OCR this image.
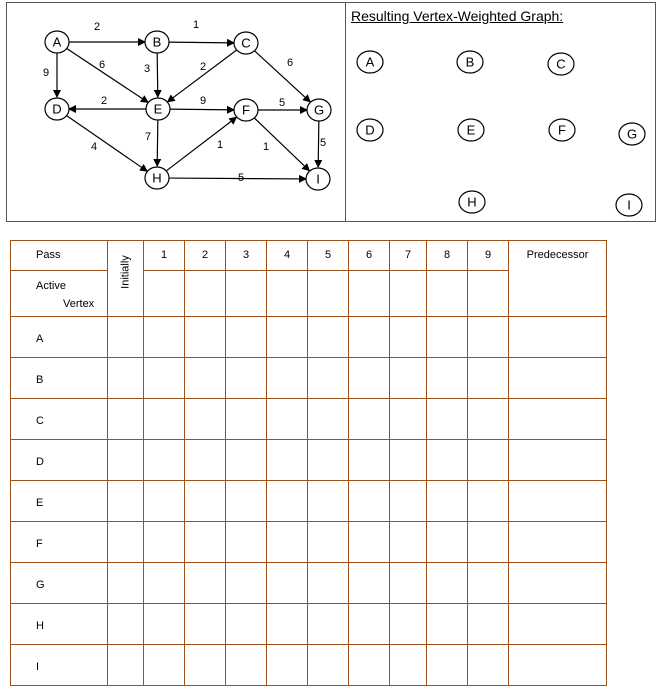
2	1
9
6	3	2	6
2	9	5
7
4	1	1	5
5
A	B	C
D	E	F	G
H	I
A	B	C
D	E	F	G
H	I
Resulting Vertex-Weighted Graph:
Pass	Initially	1	2	3	4	5	6	7	8	9	Predecessor

Active
Vertex											

A											
B											
C											
D											
E											
F											
G											
H											
I											
